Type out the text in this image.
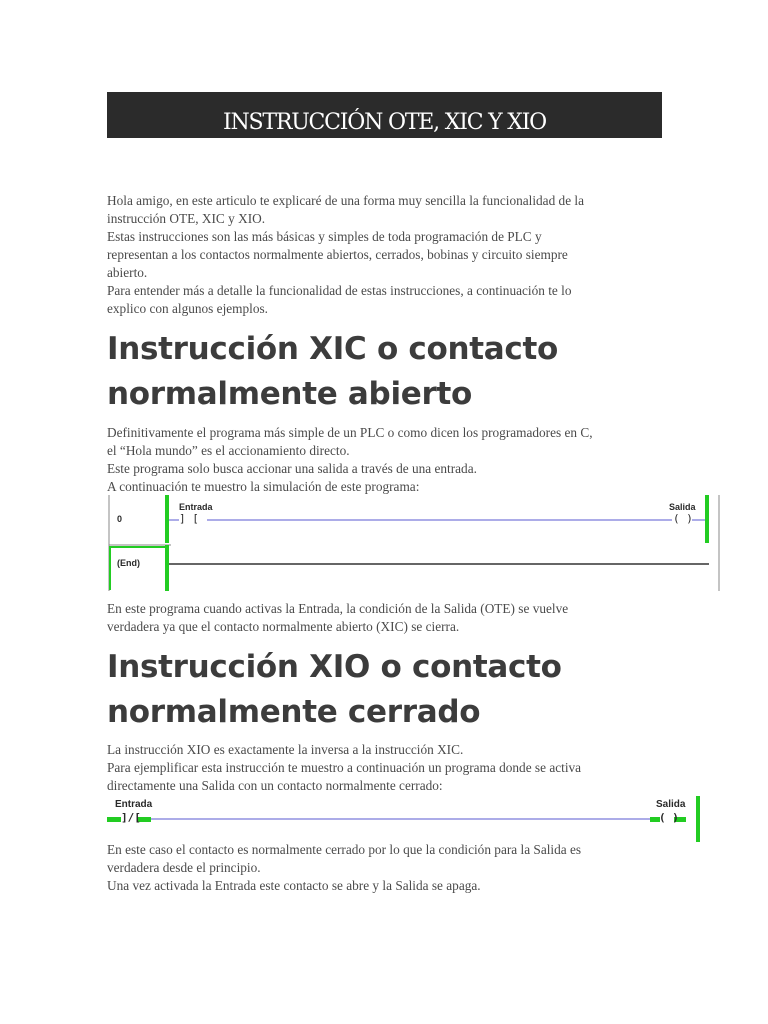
INSTRUCCIÓN OTE, XIC Y XIO
Hola amigo, en este articulo te explicaré de una forma muy sencilla la funcionalidad de la
instrucción OTE, XIC y XIO.
Estas instrucciones son las más básicas y simples de toda programación de PLC y
representan a los contactos normalmente abiertos, cerrados, bobinas y circuito siempre
abierto.
Para entender más a detalle la funcionalidad de estas instrucciones, a continuación te lo
explico con algunos ejemplos.
Instrucción XIC o contacto
normalmente abierto
Definitivamente el programa más simple de un PLC o como dicen los programadores en C,
el “Hola mundo” es el accionamiento directo.
Este programa solo busca accionar una salida a través de una entrada.
A continuación te muestro la simulación de este programa:
0
(End)
Entrada
] [
Salida
( )
En este programa cuando activas la Entrada, la condición de la Salida (OTE) se vuelve
verdadera ya que el contacto normalmente abierto (XIC) se cierra.
Instrucción XIO o contacto
normalmente cerrado
La instrucción XIO es exactamente la inversa a la instrucción XIC.
Para ejemplificar esta instrucción te muestro a continuación un programa donde se activa
directamente una Salida con un contacto normalmente cerrado:
Entrada
]/[
Salida
( )
En este caso el contacto es normalmente cerrado por lo que la condición para la Salida es
verdadera desde el principio.
Una vez activada la Entrada este contacto se abre y la Salida se apaga.
